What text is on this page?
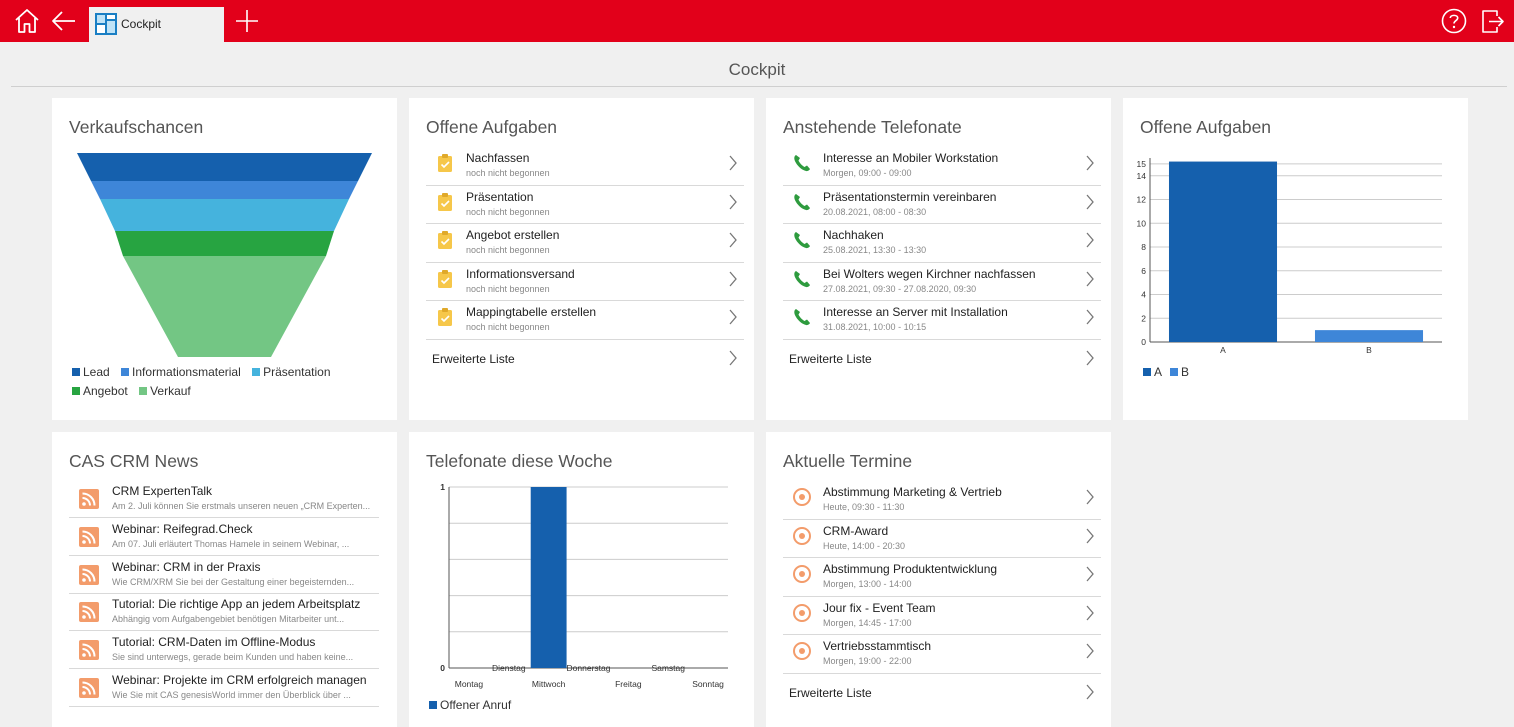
Cockpit
Cockpit
Verkaufschancen
Lead Informationsmaterial Präsentation
Angebot Verkauf
Offene Aufgaben
Nachfassen
noch nicht begonnen
Präsentation
noch nicht begonnen
Angebot erstellen
noch nicht begonnen
Informationsversand
noch nicht begonnen
Mappingtabelle erstellen
noch nicht begonnen
Erweiterte Liste
Anstehende Telefonate
Interesse an Mobiler Workstation
Morgen, 09:00 - 09:00
Präsentationstermin vereinbaren
20.08.2021, 08:00 - 08:30
Nachhaken
25.08.2021, 13:30 - 13:30
Bei Wolters wegen Kirchner nachfassen
27.08.2021, 09:30 - 27.08.2020, 09:30
Interesse an Server mit Installation
31.08.2021, 10:00 - 10:15
Erweiterte Liste
Offene Aufgaben
0
2
4
6
8
10
12
14
15
A	B
A B
CAS CRM News
CRM ExpertenTalk
Am 2. Juli können Sie erstmals unseren neuen „CRM Experten...
Webinar: Reifegrad.Check
Am 07. Juli erläutert Thomas Hamele in seinem Webinar, ...
Webinar: CRM in der Praxis
Wie CRM/XRM Sie bei der Gestaltung einer begeisternden...
Tutorial: Die richtige App an jedem Arbeitsplatz
Abhängig vom Aufgabengebiet benötigen Mitarbeiter unt...
Tutorial: CRM-Daten im Offline-Modus
Sie sind unterwegs, gerade beim Kunden und haben keine...
Webinar: Projekte im CRM erfolgreich managen
Wie Sie mit CAS genesisWorld immer den Überblick über ...
Telefonate diese Woche
0
1
Montag
Dienstag
Mittwoch
Donnerstag
Freitag
Samstag
Sonntag
Offener Anruf
Aktuelle Termine
Abstimmung Marketing & Vertrieb
Heute, 09:30 - 11:30
CRM-Award
Heute, 14:00 - 20:30
Abstimmung Produktentwicklung
Morgen, 13:00 - 14:00
Jour fix - Event Team
Morgen, 14:45 - 17:00
Vertriebsstammtisch
Morgen, 19:00 - 22:00
Erweiterte Liste
